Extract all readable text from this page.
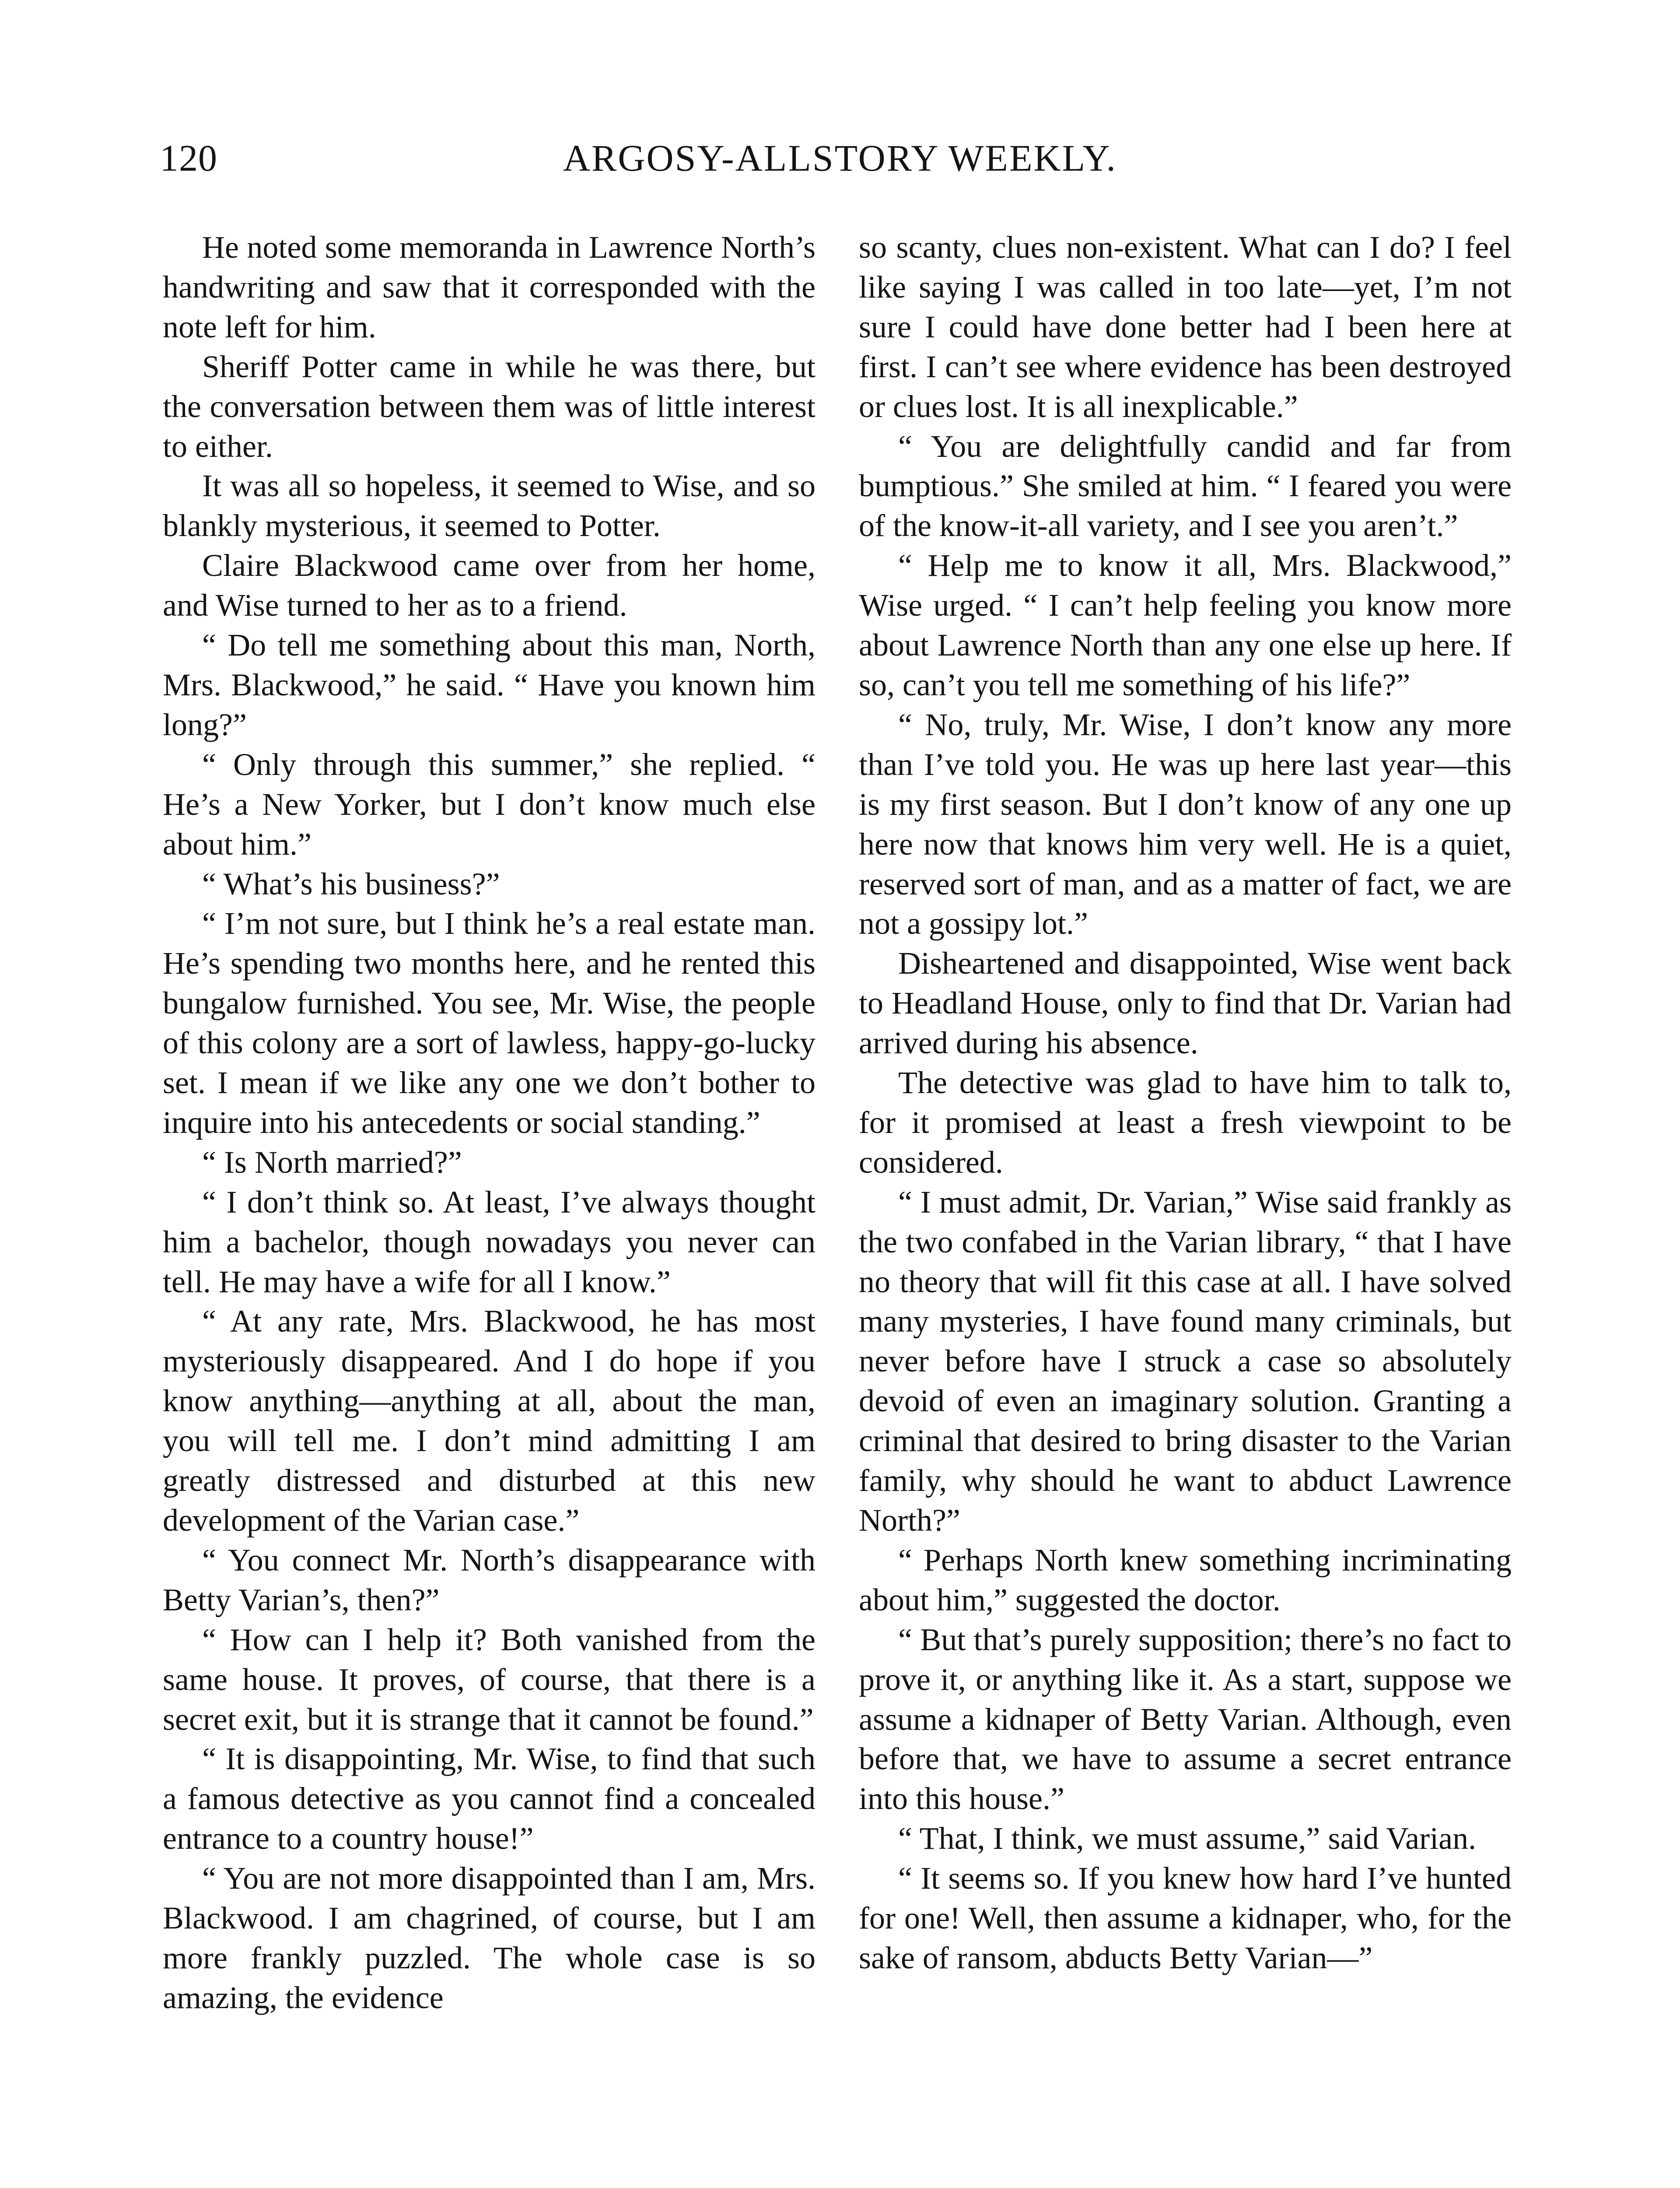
120	ARGOSY-ALLSTORY WEEKLY.

He noted some memoranda in Lawrence North’s handwriting and saw that it corresponded with the note left for him.

Sheriff Potter came in while he was there, but the conversation between them was of little interest to either.

It was all so hopeless, it seemed to Wise, and so blankly mysterious, it seemed to Potter.

Claire Blackwood came over from her home, and Wise turned to her as to a friend.

“ Do tell me something about this man, North, Mrs. Blackwood,” he said. “ Have you known him long?”

“ Only through this summer,” she replied. “ He’s a New Yorker, but I don’t know much else about him.”

“ What’s his business?”

“ I’m not sure, but I think he’s a real estate man. He’s spending two months here, and he rented this bungalow furnished. You see, Mr. Wise, the people of this colony are a sort of lawless, happy-go-lucky set. I mean if we like any one we don’t bother to inquire into his antecedents or social standing.”

“ Is North married?”

“ I don’t think so. At least, I’ve always thought him a bachelor, though nowadays you never can tell. He may have a wife for all I know.”

“ At any rate, Mrs. Blackwood, he has most mysteriously disappeared. And I do hope if you know anything—anything at all, about the man, you will tell me. I don’t mind admitting I am greatly distressed and disturbed at this new development of the Varian case.”

“ You connect Mr. North’s disappearance with Betty Varian’s, then?”

“ How can I help it? Both vanished from the same house. It proves, of course, that there is a secret exit, but it is strange that it cannot be found.”

“ It is disappointing, Mr. Wise, to find that such a famous detective as you cannot find a concealed entrance to a country house!”

“ You are not more disappointed than I am, Mrs. Blackwood. I am chagrined, of course, but I am more frankly puzzled. The whole case is so amazing, the evidence

so scanty, clues non-existent. What can I do? I feel like saying I was called in too late—yet, I’m not sure I could have done better had I been here at first. I can’t see where evidence has been destroyed or clues lost. It is all inexplicable.”

“ You are delightfully candid and far from bumptious.” She smiled at him. “ I feared you were of the know-it-all variety, and I see you aren’t.”

“ Help me to know it all, Mrs. Blackwood,” Wise urged. “ I can’t help feeling you know more about Lawrence North than any one else up here. If so, can’t you tell me something of his life?”

“ No, truly, Mr. Wise, I don’t know any more than I’ve told you. He was up here last year—this is my first season. But I don’t know of any one up here now that knows him very well. He is a quiet, reserved sort of man, and as a matter of fact, we are not a gossipy lot.”

Disheartened and disappointed, Wise went back to Headland House, only to find that Dr. Varian had arrived during his absence.

The detective was glad to have him to talk to, for it promised at least a fresh viewpoint to be considered.

“ I must admit, Dr. Varian,” Wise said frankly as the two confabed in the Varian library, “ that I have no theory that will fit this case at all. I have solved many mysteries, I have found many criminals, but never before have I struck a case so absolutely devoid of even an imaginary solution. Granting a criminal that desired to bring disaster to the Varian family, why should he want to abduct Lawrence North?”

“ Perhaps North knew something incriminating about him,” suggested the doctor.

“ But that’s purely supposition; there’s no fact to prove it, or anything like it. As a start, suppose we assume a kidnaper of Betty Varian. Although, even before that, we have to assume a secret entrance into this house.”

“ That, I think, we must assume,” said Varian.

“ It seems so. If you knew how hard I’ve hunted for one! Well, then assume a kidnaper, who, for the sake of ransom, abducts Betty Varian—”
